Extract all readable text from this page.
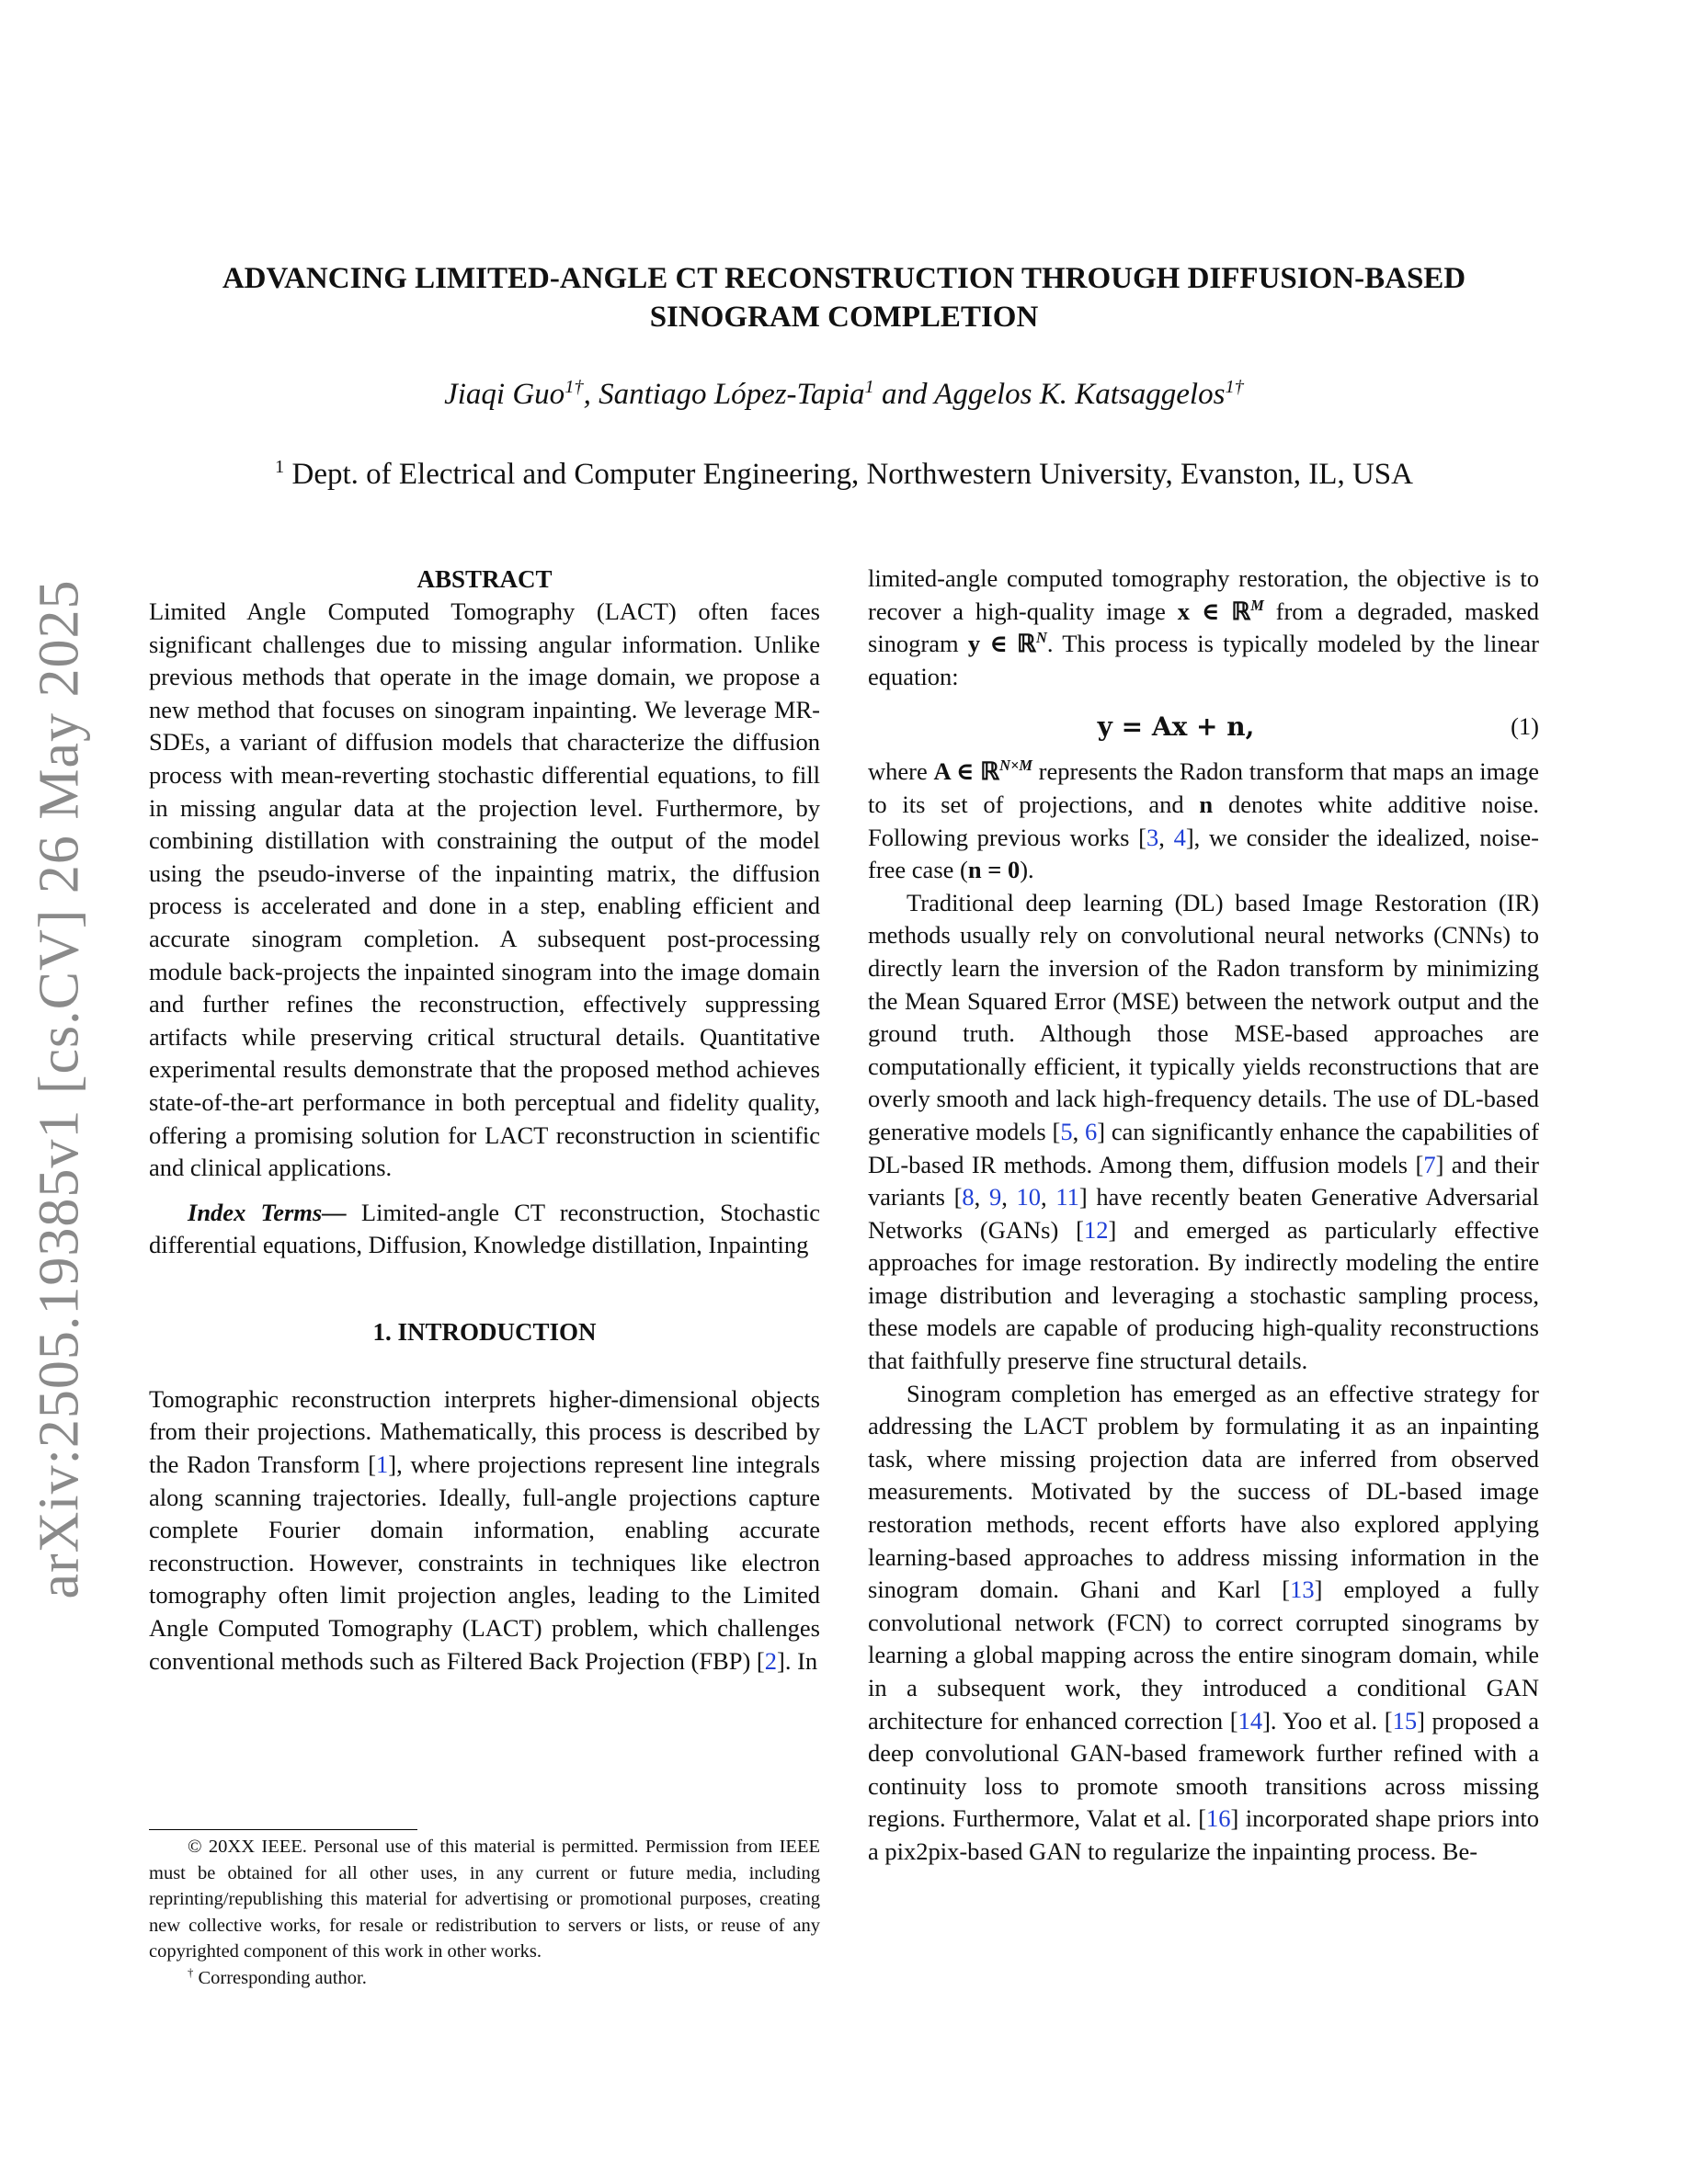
arXiv:2505.19385v1 [cs.CV] 26 May 2025
ADVANCING LIMITED-ANGLE CT RECONSTRUCTION THROUGH DIFFUSION-BASED
SINOGRAM COMPLETION
Jiaqi Guo$^{1\dagger}$, Santiago López-Tapia$^1$ and Aggelos K. Katsaggelos$^{1\dagger}$
$^1$ Dept. of Electrical and Computer Engineering, Northwestern University, Evanston, IL, USA
ABSTRACT

Limited Angle Computed Tomography (LACT) often faces significant challenges due to missing angular information. Unlike previous methods that operate in the image domain, we propose a new method that focuses on sinogram inpainting. We leverage MR-SDEs, a variant of diffusion models that characterize the diffusion process with mean-reverting stochastic differential equations, to fill in missing angular data at the projection level. Furthermore, by combining distillation with constraining the output of the model using the pseudo-inverse of the inpainting matrix, the diffusion process is accelerated and done in a step, enabling efficient and accurate sinogram completion. A subsequent post-processing module back-projects the inpainted sinogram into the image domain and further refines the reconstruction, effectively suppressing artifacts while preserving critical structural details. Quantitative experimental results demonstrate that the proposed method achieves state-of-the-art performance in both perceptual and fidelity quality, offering a promising solution for LACT reconstruction in scientific and clinical applications.

Index Terms— Limited-angle CT reconstruction, Stochastic differential equations, Diffusion, Knowledge distillation, Inpainting

1. INTRODUCTION

Tomographic reconstruction interprets higher-dimensional objects from their projections. Mathematically, this process is described by the Radon Transform [1], where projections represent line integrals along scanning trajectories. Ideally, full-angle projections capture complete Fourier domain information, enabling accurate reconstruction. However, constraints in techniques like electron tomography often limit projection angles, leading to the Limited Angle Computed Tomography (LACT) problem, which challenges conventional methods such as Filtered Back Projection (FBP) [2]. In

limited-angle computed tomography restoration, the objective is to recover a high-quality image x ∈ ℝ$^M$ from a degraded, masked sinogram y ∈ ℝ$^N$. This process is typically modeled by the linear equation:

y = Ax + n,	(1)

where A ∈ ℝ$^{N\times M}$ represents the Radon transform that maps an image to its set of projections, and n denotes white additive noise. Following previous works [3, 4], we consider the idealized, noise-free case (n = 0).

Traditional deep learning (DL) based Image Restoration (IR) methods usually rely on convolutional neural networks (CNNs) to directly learn the inversion of the Radon transform by minimizing the Mean Squared Error (MSE) between the network output and the ground truth. Although those MSE-based approaches are computationally efficient, it typically yields reconstructions that are overly smooth and lack high-frequency details. The use of DL-based generative models [5, 6] can significantly enhance the capabilities of DL-based IR methods. Among them, diffusion models [7] and their variants [8, 9, 10, 11] have recently beaten Generative Adversarial Networks (GANs) [12] and emerged as particularly effective approaches for image restoration. By indirectly modeling the entire image distribution and leveraging a stochastic sampling process, these models are capable of producing high-quality reconstructions that faithfully preserve fine structural details.

Sinogram completion has emerged as an effective strategy for addressing the LACT problem by formulating it as an inpainting task, where missing projection data are inferred from observed measurements. Motivated by the success of DL-based image restoration methods, recent efforts have also explored applying learning-based approaches to address missing information in the sinogram domain. Ghani and Karl [13] employed a fully convolutional network (FCN) to correct corrupted sinograms by learning a global mapping across the entire sinogram domain, while in a subsequent work, they introduced a conditional GAN architecture for enhanced correction [14]. Yoo et al. [15] proposed a deep convolutional GAN-based framework further refined with a continuity loss to promote smooth transitions across missing regions. Furthermore, Valat et al. [16] incorporated shape priors into a pix2pix-based GAN to regularize the inpainting process. Be-

© 20XX IEEE. Personal use of this material is permitted. Permission from IEEE must be obtained for all other uses, in any current or future media, including reprinting/republishing this material for advertising or promotional purposes, creating new collective works, for resale or redistribution to servers or lists, or reuse of any copyrighted component of this work in other works.

† Corresponding author.
